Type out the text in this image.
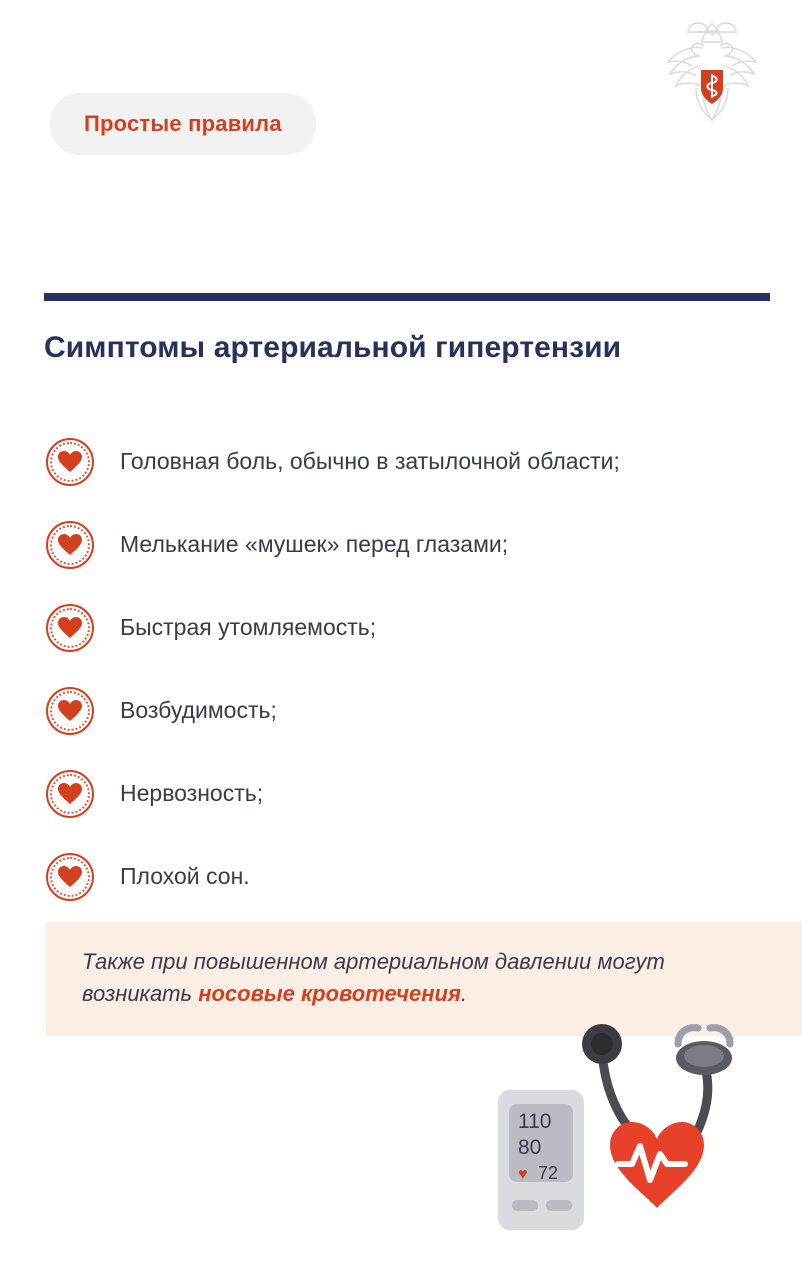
Простые правила
Симптомы артериальной гипертензии
Головная боль, обычно в затылочной области;
Мелькание «мушек» перед глазами;
Быстрая утомляемость;
Возбудимость;
Нервозность;
Плохой сон.

Также при повышенном артериальном давлении могут возникать носовые кровотечения.

110
80
♥ 72
